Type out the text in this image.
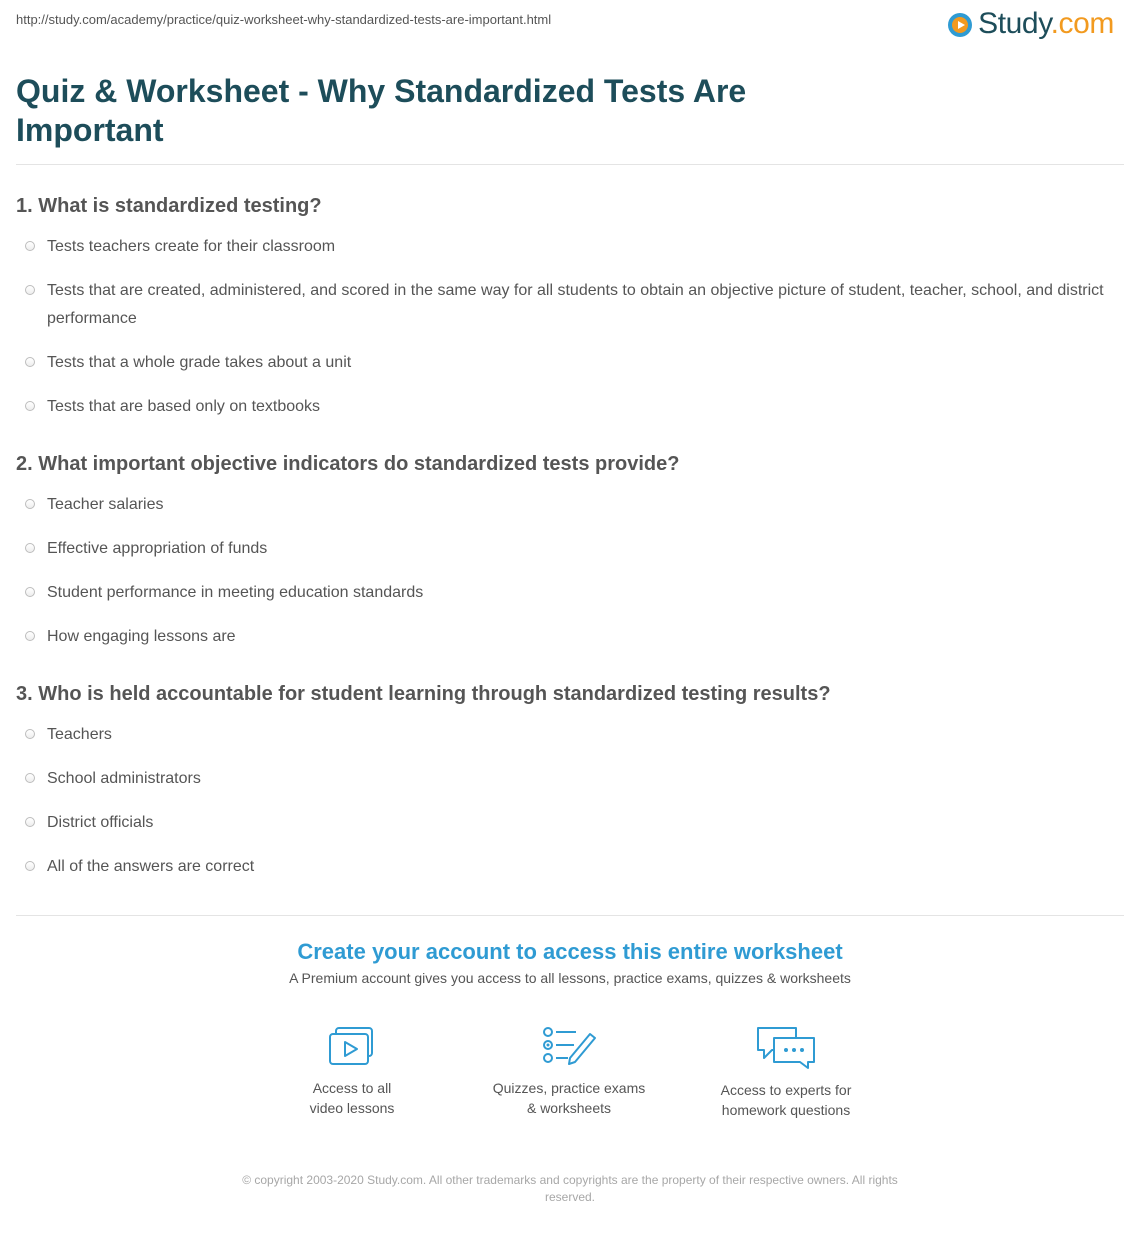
http://study.com/academy/practice/quiz-worksheet-why-standardized-tests-are-important.html	Study.com
Quiz & Worksheet - Why Standardized Tests Are Important
1. What is standardized testing?
Tests teachers create for their classroom
Tests that are created, administered, and scored in the same way for all students to obtain an objective picture of student, teacher, school, and district performance
Tests that a whole grade takes about a unit
Tests that are based only on textbooks
2. What important objective indicators do standardized tests provide?
Teacher salaries
Effective appropriation of funds
Student performance in meeting education standards
How engaging lessons are
3. Who is held accountable for student learning through standardized testing results?
Teachers
School administrators
District officials
All of the answers are correct
Create your account to access this entire worksheet
A Premium account gives you access to all lessons, practice exams, quizzes & worksheets
Access to all
video lessons
Quizzes, practice exams
& worksheets
Access to experts for
homework questions
© copyright 2003-2020 Study.com. All other trademarks and copyrights are the property of their respective owners. All rights reserved.
